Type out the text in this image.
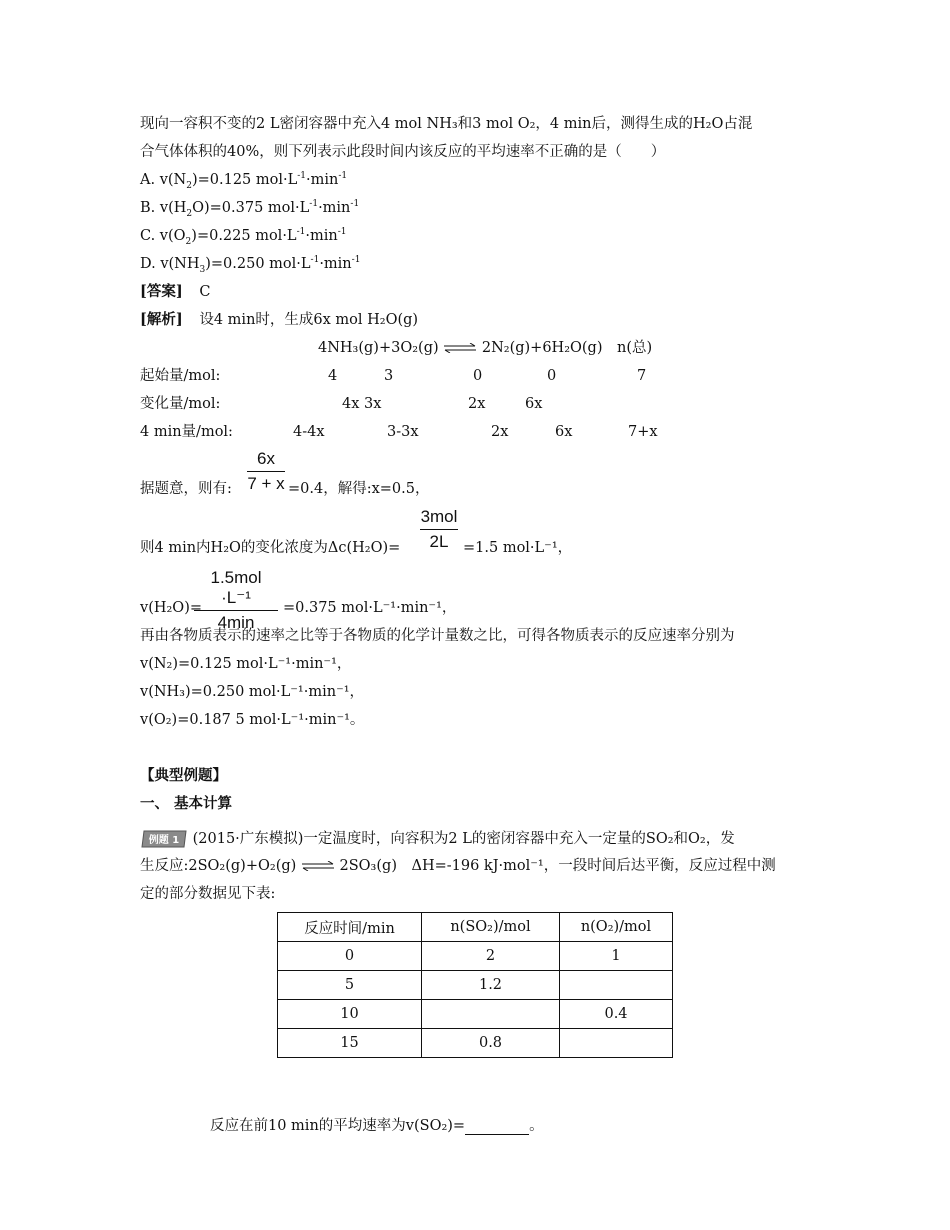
现向一容积不变的2 L密闭容器中充入4 mol NH₃和3 mol O₂，4 min后，测得生成的H₂O占混
合气体体积的40%，则下列表示此段时间内该反应的平均速率不正确的是（　　）
A. $v(N_2)=0.125$ $mol\cdot L^{-1}\cdot\min^{-1}$
B. $v(H_2O)=0.375$ $mol\cdot L^{-1}\cdot\min^{-1}$
C. $v(O_2)=0.225$ $mol\cdot L^{-1}\cdot\min^{-1}$
D. $v(NH_3)=0.250$ $mol\cdot L^{-1}\cdot\min^{-1}$
[答案] C
[解析] 设4 min时，生成6x mol H₂O(g)
4NH₃(g)+3O₂(g) ⇌ 2N₂(g)+6H₂O(g)　n(总)
起始量/mol:	4	3	0	0	7
变化量/mol:	4x 3x	2x	6x
4 min量/mol:	4-4x	3-3x	2x	6x	7+x
据题意，则有:
6x
7 + x =0.4，解得:x=0.5，
则4 min内H₂O的变化浓度为Δc(H₂O)=
3mol
2L	=1.5 mol·L⁻¹，
v(H₂O)=
1.5mol ·L⁻¹
4min
=0.375 mol·L⁻¹·min⁻¹，
再由各物质表示的速率之比等于各物质的化学计量数之比，可得各物质表示的反应速率分别为
v(N₂)=0.125 mol·L⁻¹·min⁻¹，
v(NH₃)=0.250 mol·L⁻¹·min⁻¹，
v(O₂)=0.187 5 mol·L⁻¹·min⁻¹。
【典型例题】
一、 基本计算
例题 1 (2015·广东模拟)一定温度时，向容积为2 L的密闭容器中充入一定量的SO₂和O₂，发
生反应:2SO₂(g)+O₂(g) ⇌ 2SO₃(g)　ΔH=-196 kJ·mol⁻¹，一段时间后达平衡，反应过程中测
定的部分数据见下表:
反应时间/min	n(SO₂)/mol	n(O₂)/mol
0	2	1
5	1.2	
10		0.4
15	0.8	
反应在前10 min的平均速率为v(SO₂)=	。
